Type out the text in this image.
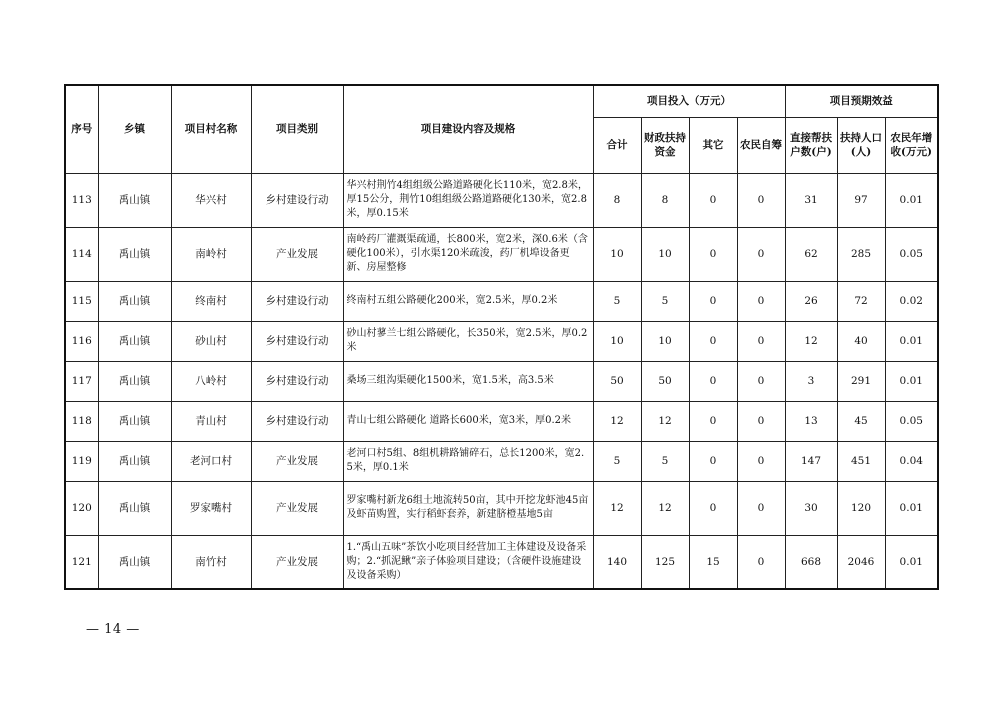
序号	乡镇	项目村名称	项目类别	项目建设内容及规格	项目投入（万元）				项目预期效益		
					合计	财政扶持资金	其它	农民自筹	直接帮扶户数(户)	扶持人口(人)	农民年增收(万元)
113	禹山镇	华兴村	乡村建设行动	华兴村荆竹4组组级公路道路硬化长110米，宽2.8米，厚15公分，荆竹10组组级公路道路硬化130米，宽2.8米，厚0.15米	8	8	0	0	31	97	0.01
114	禹山镇	南岭村	产业发展	南岭药厂灌溉渠疏通，长800米，宽2米，深0.6米（含硬化100米），引水渠120米疏浚，药厂机埠设备更新、房屋整修	10	10	0	0	62	285	0.05
115	禹山镇	终南村	乡村建设行动	终南村五组公路硬化200米，宽2.5米，厚0.2米	5	5	0	0	26	72	0.02
116	禹山镇	砂山村	乡村建设行动	砂山村蓼兰七组公路硬化，长350米，宽2.5米，厚0.2米	10	10	0	0	12	40	0.01
117	禹山镇	八岭村	乡村建设行动	桑场三组沟渠硬化1500米，宽1.5米，高3.5米	50	50	0	0	3	291	0.01
118	禹山镇	青山村	乡村建设行动	青山七组公路硬化 道路长600米，宽3米，厚0.2米	12	12	0	0	13	45	0.05
119	禹山镇	老河口村	产业发展	老河口村5组、8组机耕路铺碎石，总长1200米，宽2.5米，厚0.1米	5	5	0	0	147	451	0.04
120	禹山镇	罗家嘴村	产业发展	罗家嘴村新龙6组土地流转50亩，其中开挖龙虾池45亩及虾苗购置，实行稻虾套养，新建脐橙基地5亩	12	12	0	0	30	120	0.01
121	禹山镇	南竹村	产业发展	1.“禹山五味”茶饮小吃项目经营加工主体建设及设备采购；2.“抓泥鳅”亲子体验项目建设；（含硬件设施建设及设备采购）	140	125	15	0	668	2046	0.01
— 14 —
